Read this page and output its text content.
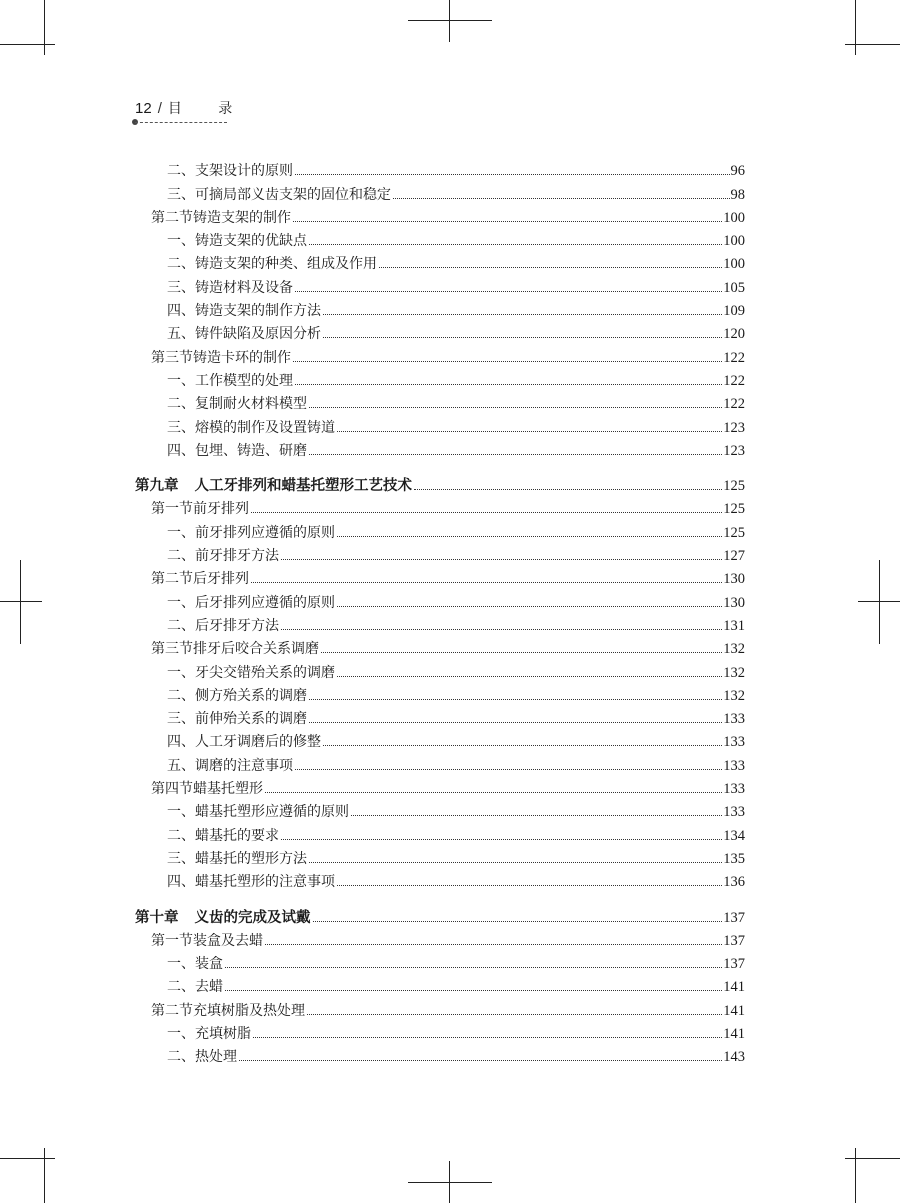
12 / 目 录
二、支架设计的原则	96
三、可摘局部义齿支架的固位和稳定	98
第二节铸造支架的制作	100
一、铸造支架的优缺点	100
二、铸造支架的种类、组成及作用	100
三、铸造材料及设备	105
四、铸造支架的制作方法	109
五、铸件缺陷及原因分析	120
第三节铸造卡环的制作	122
一、工作模型的处理	122
二、复制耐火材料模型	122
三、熔模的制作及设置铸道	123
四、包埋、铸造、研磨	123
第九章 人工牙排列和蜡基托塑形工艺技术	125
第一节前牙排列	125
一、前牙排列应遵循的原则	125
二、前牙排牙方法	127
第二节后牙排列	130
一、后牙排列应遵循的原则	130
二、后牙排牙方法	131
第三节排牙后咬合关系调磨	132
一、牙尖交错殆关系的调磨	132
二、侧方殆关系的调磨	132
三、前伸殆关系的调磨	133
四、人工牙调磨后的修整	133
五、调磨的注意事项	133
第四节蜡基托塑形	133
一、蜡基托塑形应遵循的原则	133
二、蜡基托的要求	134
三、蜡基托的塑形方法	135
四、蜡基托塑形的注意事项	136
第十章 义齿的完成及试戴	137
第一节装盒及去蜡	137
一、装盒	137
二、去蜡	141
第二节充填树脂及热处理	141
一、充填树脂	141
二、热处理	143
